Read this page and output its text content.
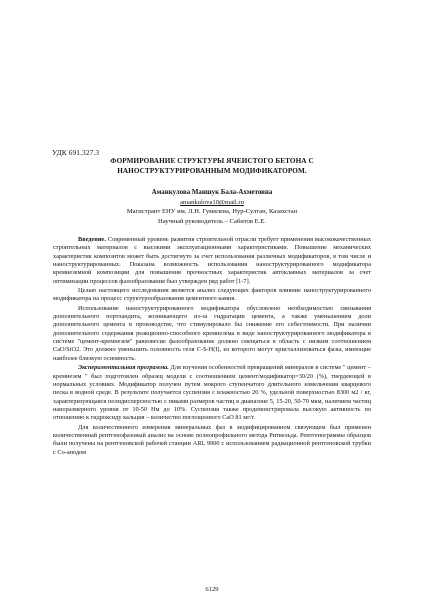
УДК 691.327.3
ФОРМИРОВАНИЕ СТРУКТУРЫ ЯЧЕИСТОГО БЕТОНА С
НАНОСТРУКТУРИРОВАННЫМ МОДИФИКАТОРОМ.
Аманкулова Маншук Бала-Ахметовна
amankulova10@mail.ru
Магистрант ЕНУ им. Л.Н. Гумилева, Нур-Султан, Казахстан
Научный руководитель – Сабитов Е.Е.

Введение. Современный уровень развития строительной отрасли требует применения высококачественных строительных материалов с высокими эксплуатационными характеристиками. Повышение механических характеристик композитов может быть достигнуто за счет использования различных модификаторов, в том числе и наноструктурированных. Показана возможность использования наноструктурированного модификатора кремнеземной композиции для повышения прочностных характеристик автоклавных материалов за счет оптимизации процессов фазообразования был утвержден ряд работ [1-7].

Целью настоящего исследования является анализ следующих факторов влияние наноструктурированного модификатора на процесс структурообразования цементного камня.

Использование наноструктурированного модификатора обусловлено необходимостью связывания дополнительного портландита, возникающего из-за гидратации цемента, а также уменьшением доли дополнительного цемента в производстве, что стимулировало бы снижение его себестоимости. При наличии дополнительного содержания реакционно-способного кремнезема в виде наноструктурированного модификатора в системе "цемент-кремнезем" равновесие фазообразование должно смещаться в область с низким соотношением CaO/SiO2. Это должно уменьшить основность геля C-S-H(I), из которого могут кристаллизоваться фазы, имеющие наиболее близкую основность.

Экспериментальная программа. Для изучения особенностей превращений минералов в системе " цемент – кремнезем " был подготовлен образец модели с соотношением цемент/модификатор=30/20 (%), твердеющей в нормальных условиях. Модификатор получен путем мокрого ступенчатого длительного измельчения кварцевого песка в водной среде. В результате получается суспензия с влажностью 20 %, удельной поверхностью 8300 м2 / кг, характеризующаяся полидисперсностью с пиками размеров частиц в диапазоне 5, 15-20, 50-70 мкм, наличием частиц наноразмерного уровня от 10-50 Нм до 10%. Суспензия также продемонстрировала высокую активность по отношению к гидроксиду кальция – количество поглощенного CaO 81 мг/г.

Для количественного измерения минеральных фаз в модифицированном связующем был применен количественный рентгенофазовый анализ на основе полнопрофильного метода Ритвельда. Рентгенограммы образцов были получены на рентгеновской рабочей станции ARL 9900 с использованием радиационной рентгеновской трубки с Co-анодом

6129
